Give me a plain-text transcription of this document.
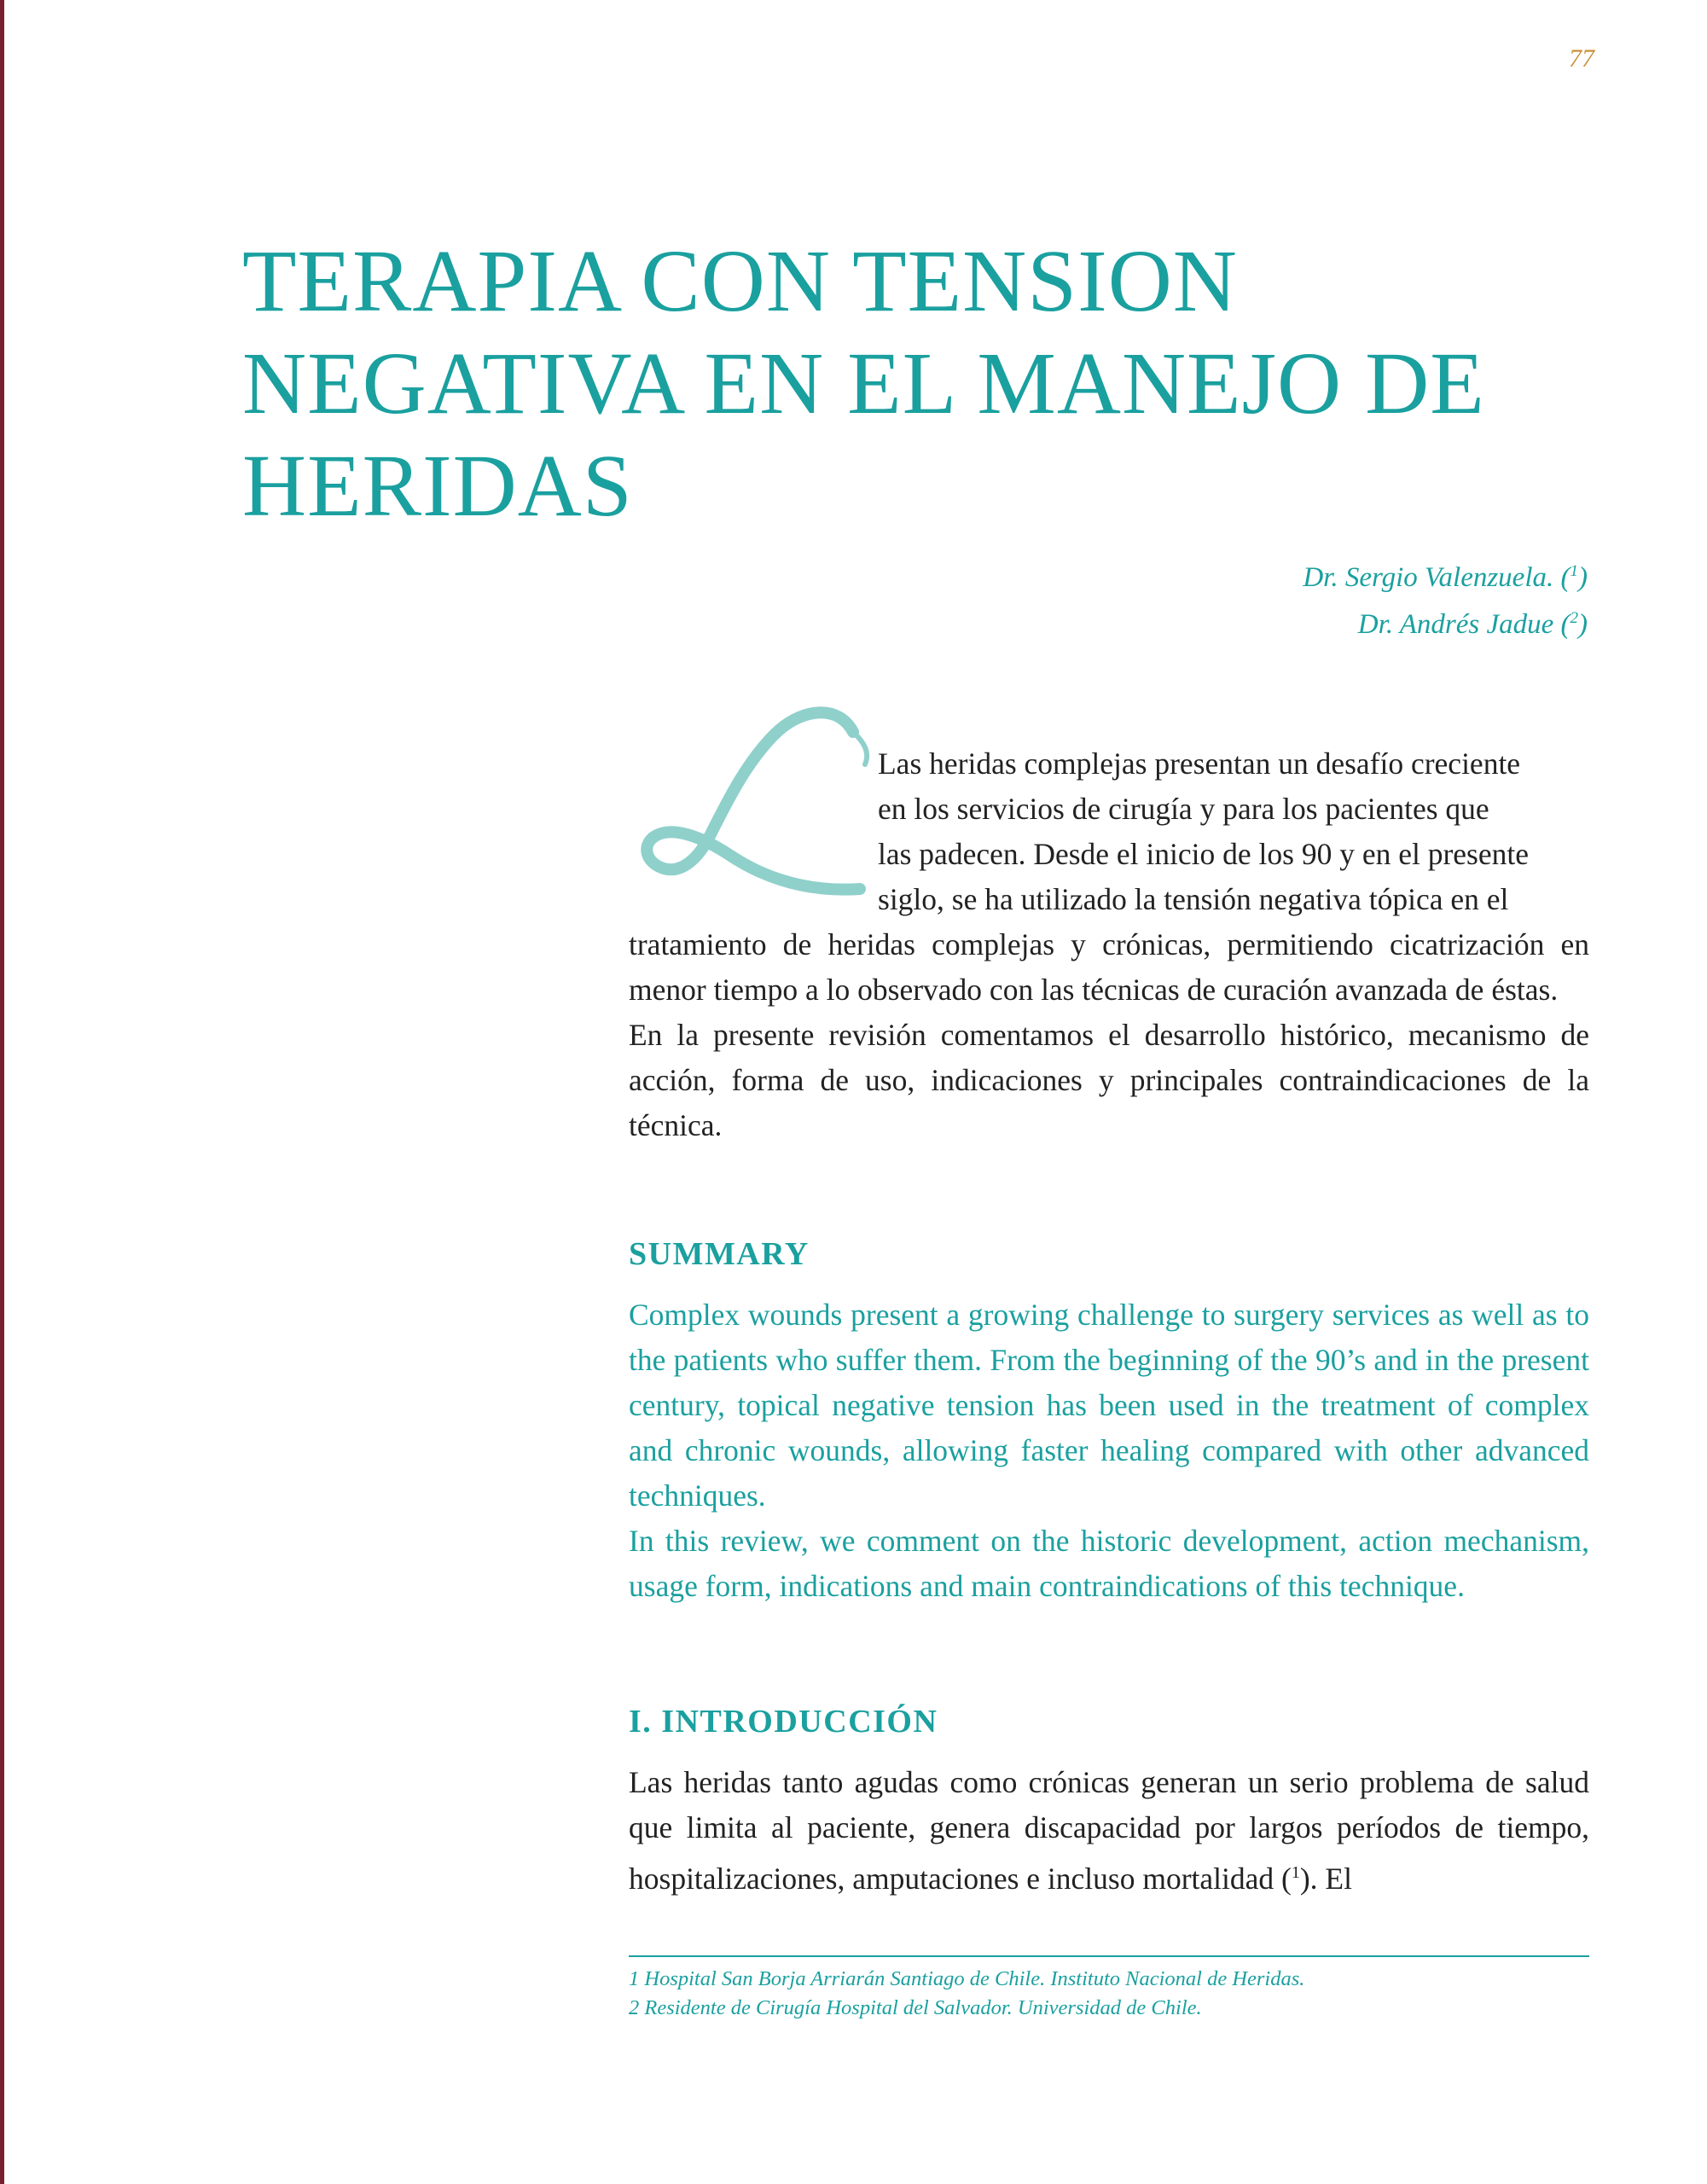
77
TERAPIA CON TENSION
NEGATIVA EN EL MANEJO DE
HERIDAS
Dr. Sergio Valenzuela. ($^1$)
Dr. Andrés Jadue ($^2$)

Las heridas complejas presentan un desafío creciente
en los servicios de cirugía y para los pacientes que
las padecen. Desde el inicio de los 90 y en el presente
siglo, se ha utilizado la tensión negativa tópica en el
tratamiento de heridas complejas y crónicas, permitiendo cicatrización en menor tiempo a lo observado con las técnicas de curación avanzada de éstas.

En la presente revisión comentamos el desarrollo histórico, mecanismo de acción, forma de uso, indicaciones y principales contraindicaciones de la técnica.

SUMMARY

Complex wounds present a growing challenge to surgery services as well as to the patients who suffer them. From the beginning of the 90’s and in the present century, topical negative tension has been used in the treatment of complex and chronic wounds, allowing faster healing compared with other advanced techniques.

In this review, we comment on the historic development, action mechanism, usage form, indications and main contraindications of this technique.

I. INTRODUCCIÓN

Las heridas tanto agudas como crónicas generan un serio problema de salud que limita al paciente, genera discapacidad por largos períodos de tiempo, hospitalizaciones, amputaciones e incluso mortalidad ($^1$). El

1 Hospital San Borja Arriarán Santiago de Chile. Instituto Nacional de Heridas.
2 Residente de Cirugía Hospital del Salvador. Universidad de Chile.
